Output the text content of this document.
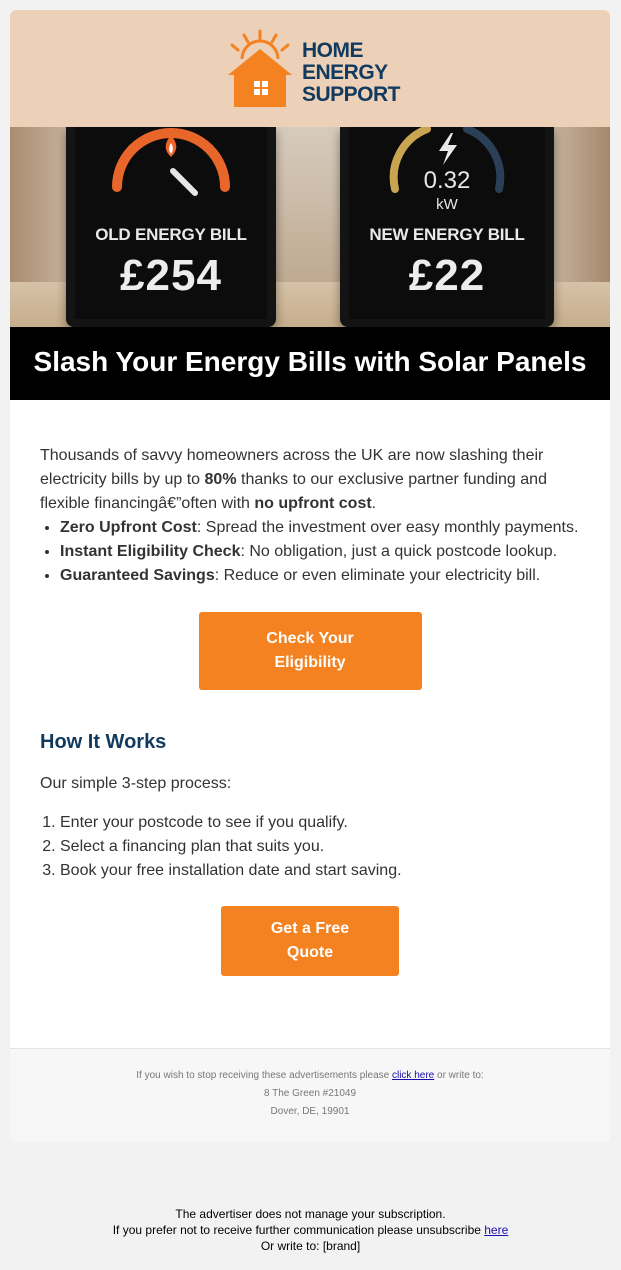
HOME
ENERGY
SUPPORT
OLD ENERGY BILL
£254
0.32
kW
NEW ENERGY BILL
£22
Slash Your Energy Bills with Solar Panels

Thousands of savvy homeowners across the UK are now slashing their electricity bills by up to 80% thanks to our exclusive partner funding and flexible financingâ€”often with no upfront cost.

• Zero Upfront Cost: Spread the investment over easy monthly payments.
• Instant Eligibility Check: No obligation, just a quick postcode lookup.
• Guaranteed Savings: Reduce or even eliminate your electricity bill.
Check Your
Eligibility
How It Works

Our simple 3-step process:

1. Enter your postcode to see if you qualify.
2. Select a financing plan that suits you.
3. Book your free installation date and start saving.
Get a Free
Quote
If you wish to stop receiving these advertisements please click here or write to:
8 The Green #21049
Dover, DE, 19901
The advertiser does not manage your subscription.
If you prefer not to receive further communication please unsubscribe here
Or write to: [brand]
